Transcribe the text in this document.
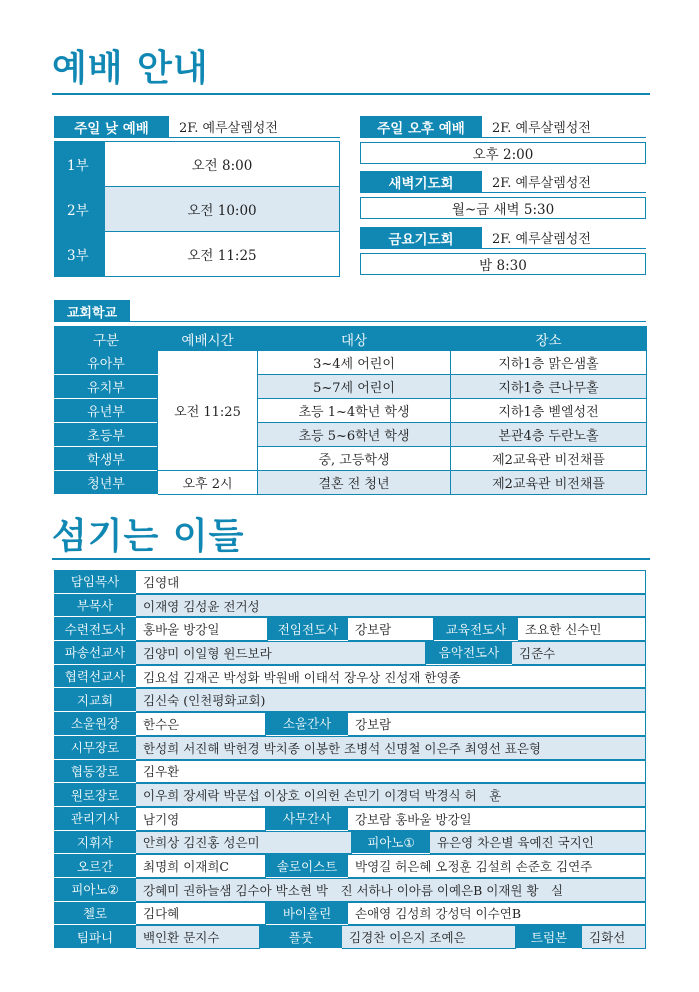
예배 안내
주일 낮 예배	2F. 예루살렘성전
1부	오전 8:00
2부	오전 10:00
3부	오전 11:25
주일 오후 예배	2F. 예루살렘성전
오후 2:00
새벽기도회	2F. 예루살렘성전
월~금 새벽 5:30
금요기도회	2F. 예루살렘성전
밤 8:30
교회학교
구분	예배시간	대상	장소
유아부	오전 11:25	3~4세 어린이	지하1층 맑은샘홀
유치부		5~7세 어린이	지하1층 큰나무홀
유년부		초등 1~4학년 학생	지하1층 벧엘성전
초등부		초등 5~6학년 학생	본관4층 두란노홀
학생부		중, 고등학생	제2교육관 비전채플
청년부	오후 2시	결혼 전 청년	제2교육관 비전채플
섬기는 이들
담임목사	김영대

부목사	이재영 김성윤 전거성

수련전도사	홍바울 방강일	전임전도사	강보람	교육전도사	조요한 신수민

파송선교사	김양미 이일형 윈드보라	음악전도사	김준수

협력선교사	김요섭 김재곤 박성화 박원배 이태석 장우상 진성재 한영종

지교회	김신숙 (인천평화교회)

소울원장	한수은	소울간사	강보람

시무장로	한성희 서진해 박헌경 박치종 이봉한 조병석 신명철 이은주 최영선 표은형

협동장로	김우환

원로장로	이우희 장세락 박문섭 이상호 이의헌 손민기 이경덕 박경식 허　훈

관리기사	남기영	사무간사	강보람 홍바울 방강일

지휘자	안희상 김진홍 성은미	피아노①	유은영 차은별 육예진 국지인

오르간	최명희 이재희C	솔로이스트	박영길 허은혜 오정훈 김설희 손준호 김연주

피아노②	강혜미 권하늘샘 김수아 박소현 박　진 서하나 이아름 이예은B 이재원 황　실

첼로	김다혜	바이올린	손애영 김성희 강성덕 이수연B

팀파니	백인환 문지수	플룻	김경찬 이은지 조예은	트럼본	김화선
